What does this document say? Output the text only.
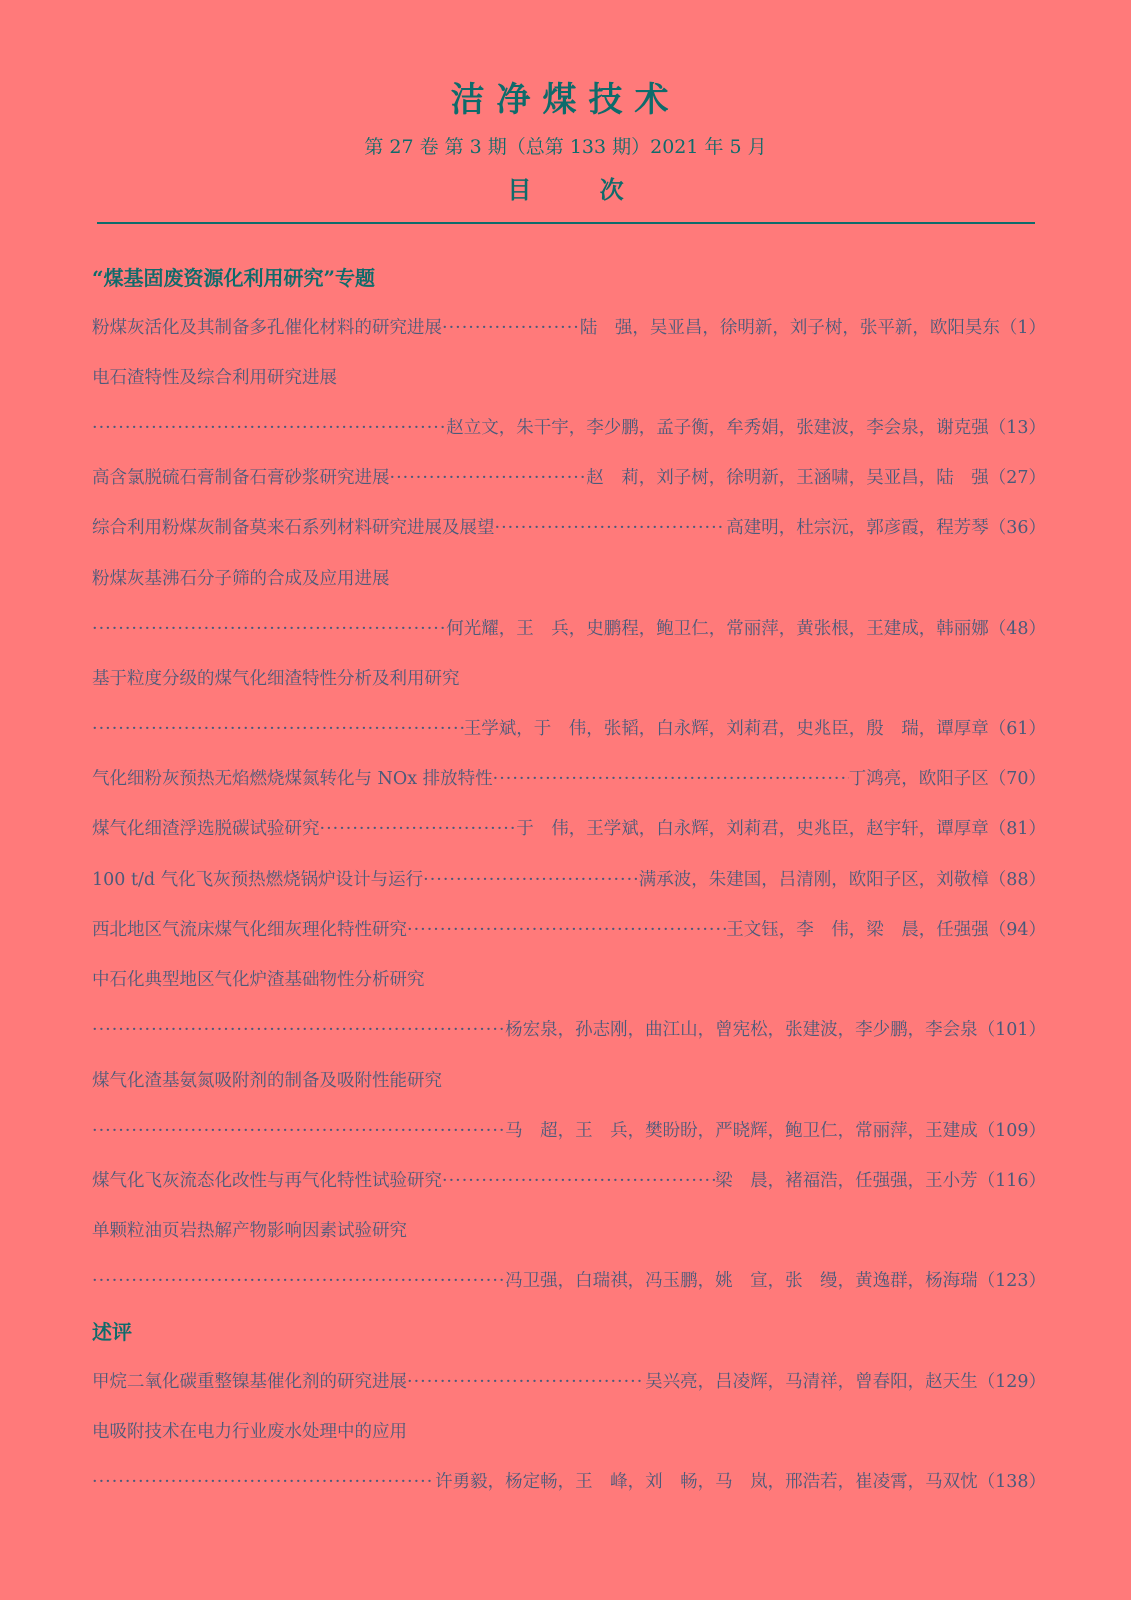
洁净煤技术
第 27 卷 第 3 期（总第 133 期）2021 年 5 月
目 次
“煤基固废资源化利用研究”专题
粉煤灰活化及其制备多孔催化材料的研究进展 ·····	陆　强，吴亚昌，徐明新，刘子树，张平新，欧阳昊东 （1）
电石渣特性及综合利用研究进展
·····
赵立文，朱干宇，李少鹏，孟子衡，牟秀娟，张建波，李会泉，谢克强 （13）
高含氯脱硫石膏制备石膏砂浆研究进展 ·····	赵　莉，刘子树，徐明新，王涵啸，吴亚昌，陆　强 （27）
综合利用粉煤灰制备莫来石系列材料研究进展及展望 ·····	高建明，杜宗沅，郭彦霞，程芳琴 （36）
粉煤灰基沸石分子筛的合成及应用进展
·····
何光耀，王　兵，史鹏程，鲍卫仁，常丽萍，黄张根，王建成，韩丽娜 （48）
基于粒度分级的煤气化细渣特性分析及利用研究
·····
王学斌，于　伟，张韬，白永辉，刘莉君，史兆臣，殷　瑞，谭厚章 （61）
气化细粉灰预热无焰燃烧煤氮转化与 NOx 排放特性 ·····	丁鸿亮，欧阳子区 （70）
煤气化细渣浮选脱碳试验研究 ·····	于　伟，王学斌，白永辉，刘莉君，史兆臣，赵宇轩，谭厚章 （81）
100 t/d 气化飞灰预热燃烧锅炉设计与运行 ·····	满承波，朱建国，吕清刚，欧阳子区，刘敬樟 （88）
西北地区气流床煤气化细灰理化特性研究 ·····	王文钰，李　伟，梁　晨，任强强 （94）
中石化典型地区气化炉渣基础物性分析研究
·····
杨宏泉，孙志刚，曲江山，曾宪松，张建波，李少鹏，李会泉 （101）
煤气化渣基氨氮吸附剂的制备及吸附性能研究
·····
马　超，王　兵，樊盼盼，严晓辉，鲍卫仁，常丽萍，王建成 （109）
煤气化飞灰流态化改性与再气化特性试验研究 ·····	梁　晨，褚福浩，任强强，王小芳 （116）
单颗粒油页岩热解产物影响因素试验研究
·····
冯卫强，白瑞祺，冯玉鹏，姚　宣，张　缦，黄逸群，杨海瑞 （123）
述评
甲烷二氧化碳重整镍基催化剂的研究进展 ·····	吴兴亮，吕凌辉，马清祥，曾春阳，赵天生 （129）
电吸附技术在电力行业废水处理中的应用
·····
许勇毅，杨定畅，王　峰，刘　畅，马　岚，邢浩若，崔凌霄，马双忱 （138）
